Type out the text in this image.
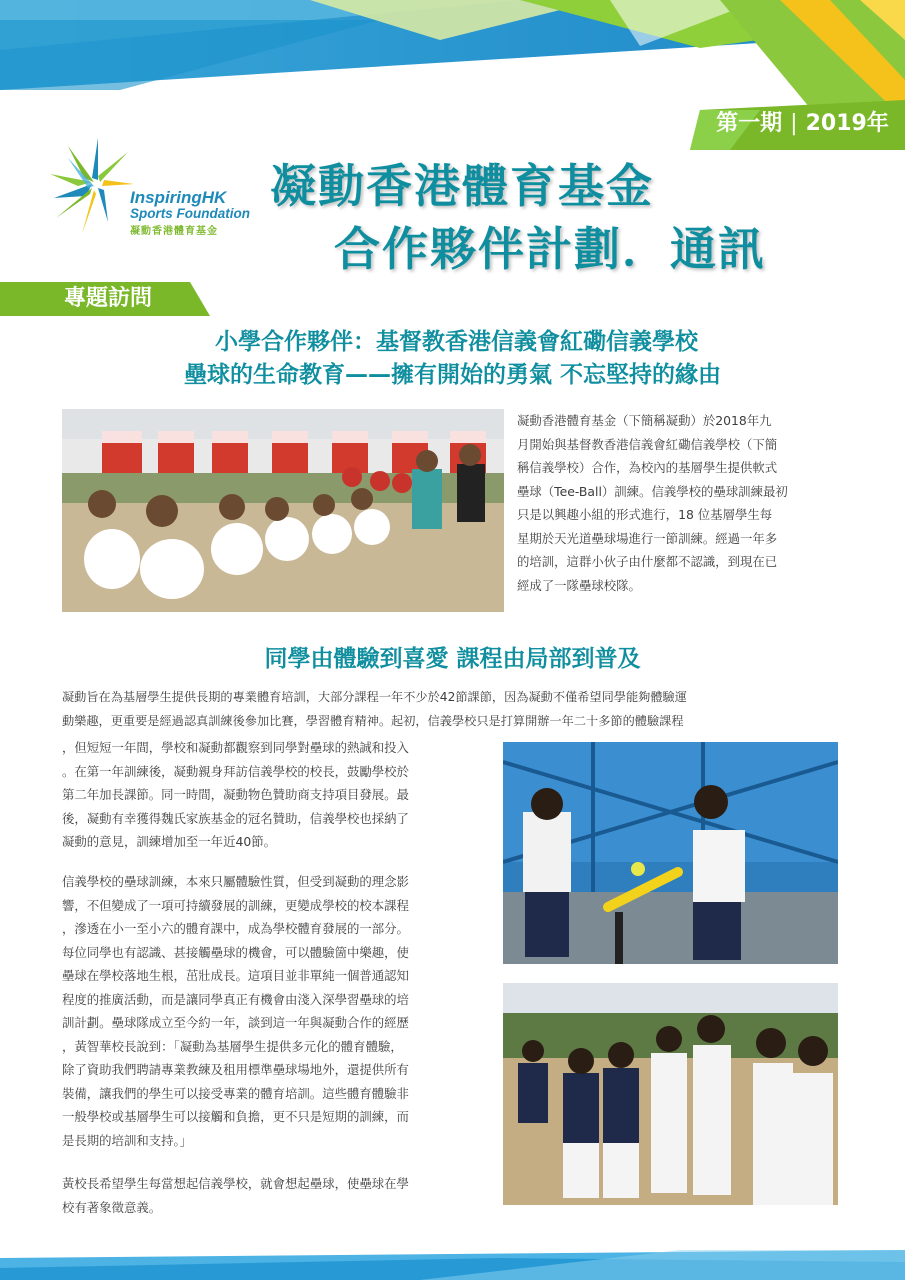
第一期 | 2019年
InspiringHK
Sports Foundation
凝動香港體育基金
凝動香港體育基金
合作夥伴計劃．通訊
專題訪問
小學合作夥伴：基督教香港信義會紅磡信義學校
壘球的生命教育——擁有開始的勇氣 不忘堅持的緣由

凝動香港體育基金（下簡稱凝動）於2018年九

月開始與基督教香港信義會紅磡信義學校（下簡

稱信義學校）合作，為校內的基層學生提供軟式

壘球（Tee-Ball）訓練。信義學校的壘球訓練最初

只是以興趣小組的形式進行，18 位基層學生每

星期於天光道壘球場進行一節訓練。經過一年多

的培訓，這群小伙子由什麼都不認識，到現在已

經成了一隊壘球校隊。

同學由體驗到喜愛 課程由局部到普及

凝動旨在為基層學生提供長期的專業體育培訓，大部分課程一年不少於42節課節，因為凝動不僅希望同學能夠體驗運

動樂趣，更重要是經過認真訓練後參加比賽，學習體育精神。起初，信義學校只是打算開辦一年二十多節的體驗課程

，但短短一年間，學校和凝動都觀察到同學對壘球的熱誠和投入

。在第一年訓練後，凝動親身拜訪信義學校的校長，鼓勵學校於

第二年加長課節。同一時間，凝動物色贊助商支持項目發展。最

後，凝動有幸獲得魏氏家族基金的冠名贊助，信義學校也採納了

凝動的意見，訓練增加至一年近40節。

信義學校的壘球訓練，本來只屬體驗性質，但受到凝動的理念影

響，不但變成了一項可持續發展的訓練，更變成學校的校本課程

，滲透在小一至小六的體育課中，成為學校體育發展的一部分。

每位同學也有認識、甚接觸壘球的機會，可以體驗箇中樂趣，使

壘球在學校落地生根，茁壯成長。這項目並非單純一個普通認知

程度的推廣活動，而是讓同學真正有機會由淺入深學習壘球的培

訓計劃。壘球隊成立至今約一年，談到這一年與凝動合作的經歷

，黃智華校長說到：「凝動為基層學生提供多元化的體育體驗，

除了資助我們聘請專業教練及租用標準壘球場地外，還提供所有

裝備，讓我們的學生可以接受專業的體育培訓。這些體育體驗非

一般學校或基層學生可以接觸和負擔，更不只是短期的訓練，而

是長期的培訓和支持。」

黃校長希望學生每當想起信義學校，就會想起壘球，使壘球在學

校有著象徵意義。
